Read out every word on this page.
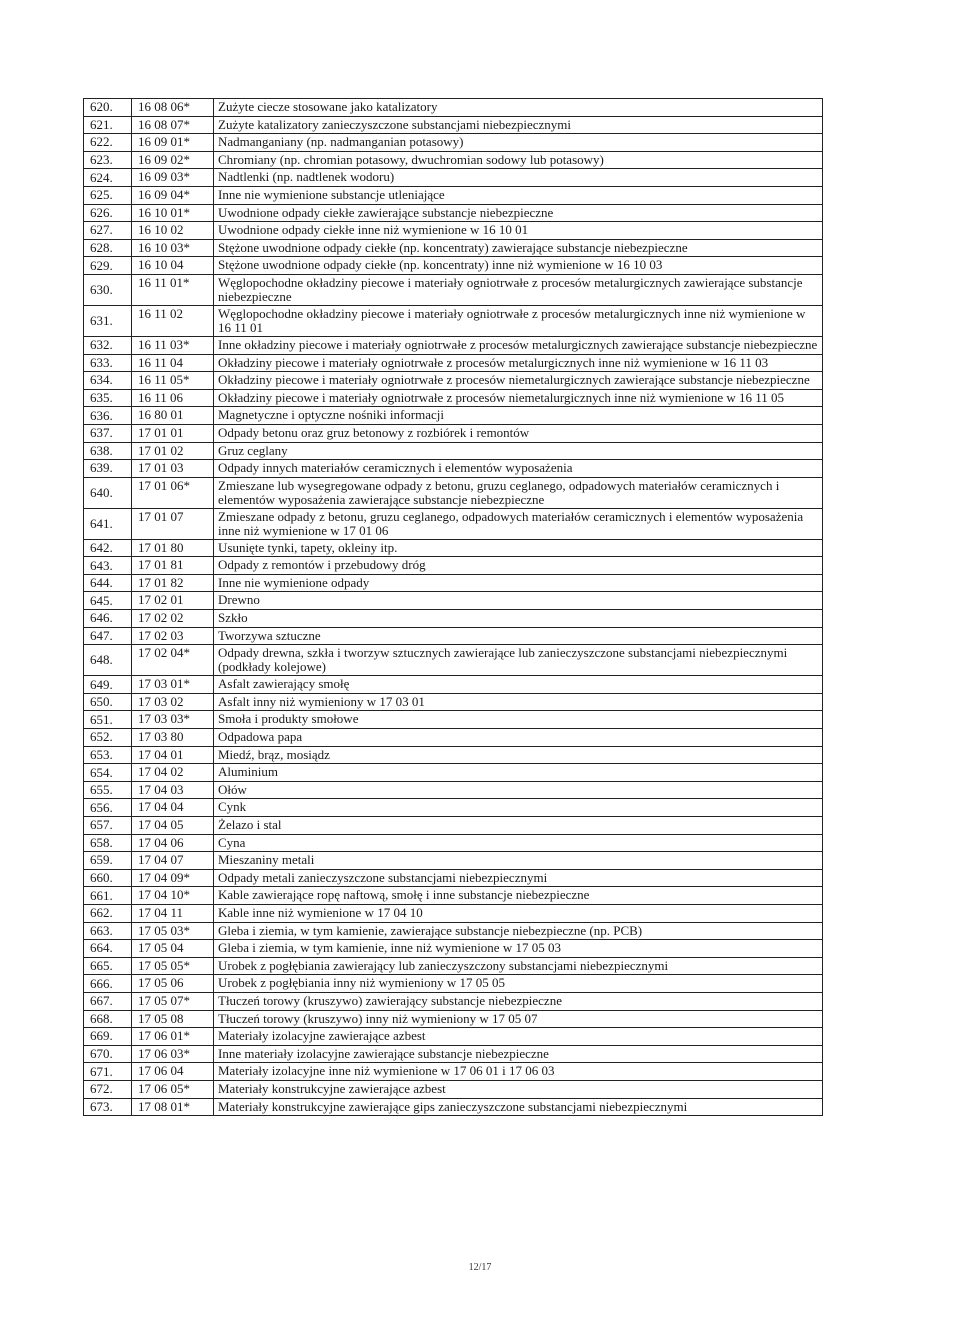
620.	16 08 06*	Zużyte ciecze stosowane jako katalizatory
621.	16 08 07*	Zużyte katalizatory zanieczyszczone substancjami niebezpiecznymi
622.	16 09 01*	Nadmanganiany (np. nadmanganian potasowy)
623.	16 09 02*	Chromiany (np. chromian potasowy, dwuchromian sodowy lub potasowy)
624.	16 09 03*	Nadtlenki (np. nadtlenek wodoru)
625.	16 09 04*	Inne nie wymienione substancje utleniające
626.	16 10 01*	Uwodnione odpady ciekłe zawierające substancje niebezpieczne
627.	16 10 02	Uwodnione odpady ciekłe inne niż wymienione w 16 10 01
628.	16 10 03*	Stężone uwodnione odpady ciekłe (np. koncentraty) zawierające substancje niebezpieczne
629.	16 10 04	Stężone uwodnione odpady ciekłe (np. koncentraty) inne niż wymienione w 16 10 03
630.	16 11 01*	Węglopochodne okładziny piecowe i materiały ogniotrwałe z procesów metalurgicznych zawierające substancje niebezpieczne
631.	16 11 02	Węglopochodne okładziny piecowe i materiały ogniotrwałe z procesów metalurgicznych inne niż wymienione w 16 11 01
632.	16 11 03*	Inne okładziny piecowe i materiały ogniotrwałe z procesów metalurgicznych zawierające substancje niebezpieczne
633.	16 11 04	Okładziny piecowe i materiały ogniotrwałe z procesów metalurgicznych inne niż wymienione w 16 11 03
634.	16 11 05*	Okładziny piecowe i materiały ogniotrwałe z procesów niemetalurgicznych zawierające substancje niebezpieczne
635.	16 11 06	Okładziny piecowe i materiały ogniotrwałe z procesów niemetalurgicznych inne niż wymienione w 16 11 05
636.	16 80 01	Magnetyczne i optyczne nośniki informacji
637.	17 01 01	Odpady betonu oraz gruz betonowy z rozbiórek i remontów
638.	17 01 02	Gruz ceglany
639.	17 01 03	Odpady innych materiałów ceramicznych i elementów wyposażenia
640.	17 01 06*	Zmieszane lub wysegregowane odpady z betonu, gruzu ceglanego, odpadowych materiałów ceramicznych i elementów wyposażenia zawierające substancje niebezpieczne
641.	17 01 07	Zmieszane odpady z betonu, gruzu ceglanego, odpadowych materiałów ceramicznych i elementów wyposażenia inne niż wymienione w 17 01 06
642.	17 01 80	Usunięte tynki, tapety, okleiny itp.
643.	17 01 81	Odpady z remontów i przebudowy dróg
644.	17 01 82	Inne nie wymienione odpady
645.	17 02 01	Drewno
646.	17 02 02	Szkło
647.	17 02 03	Tworzywa sztuczne
648.	17 02 04*	Odpady drewna, szkła i tworzyw sztucznych zawierające lub zanieczyszczone substancjami niebezpiecznymi (podkłady kolejowe)
649.	17 03 01*	Asfalt zawierający smołę
650.	17 03 02	Asfalt inny niż wymieniony w 17 03 01
651.	17 03 03*	Smoła i produkty smołowe
652.	17 03 80	Odpadowa papa
653.	17 04 01	Miedź, brąz, mosiądz
654.	17 04 02	Aluminium
655.	17 04 03	Ołów
656.	17 04 04	Cynk
657.	17 04 05	Żelazo i stal
658.	17 04 06	Cyna
659.	17 04 07	Mieszaniny metali
660.	17 04 09*	Odpady metali zanieczyszczone substancjami niebezpiecznymi
661.	17 04 10*	Kable zawierające ropę naftową, smołę i inne substancje niebezpieczne
662.	17 04 11	Kable inne niż wymienione w 17 04 10
663.	17 05 03*	Gleba i ziemia, w tym kamienie, zawierające substancje niebezpieczne (np. PCB)
664.	17 05 04	Gleba i ziemia, w tym kamienie, inne niż wymienione w 17 05 03
665.	17 05 05*	Urobek z pogłębiania zawierający lub zanieczyszczony substancjami niebezpiecznymi
666.	17 05 06	Urobek z pogłębiania inny niż wymieniony w 17 05 05
667.	17 05 07*	Tłuczeń torowy (kruszywo) zawierający substancje niebezpieczne
668.	17 05 08	Tłuczeń torowy (kruszywo) inny niż wymieniony w 17 05 07
669.	17 06 01*	Materiały izolacyjne zawierające azbest
670.	17 06 03*	Inne materiały izolacyjne zawierające substancje niebezpieczne
671.	17 06 04	Materiały izolacyjne inne niż wymienione w 17 06 01 i 17 06 03
672.	17 06 05*	Materiały konstrukcyjne zawierające azbest
673.	17 08 01*	Materiały konstrukcyjne zawierające gips zanieczyszczone substancjami niebezpiecznymi
12/17
